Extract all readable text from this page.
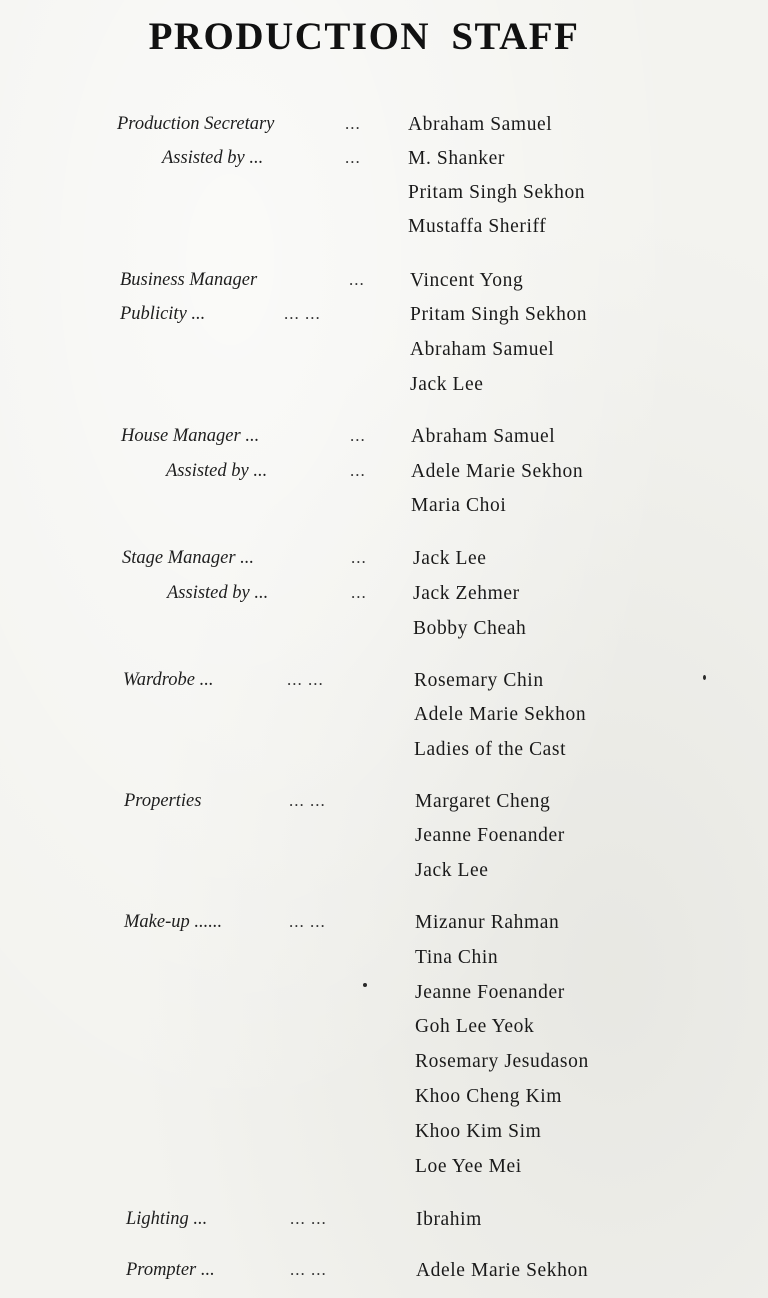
PRODUCTION STAFF
Production Secretary	... Abraham Samuel
Assisted by ...	... M. Shanker
Pritam Singh Sekhon
Mustaffa Sheriff
Business Manager	... Vincent Yong
Publicity ...	... ...	Pritam Singh Sekhon
Abraham Samuel
Jack Lee
House Manager ...	... Abraham Samuel
Assisted by ...	... Adele Marie Sekhon
Maria Choi
Stage Manager ...	... Jack Lee
Assisted by ...	... Jack Zehmer
Bobby Cheah
Wardrobe ...	... ...	Rosemary Chin
Adele Marie Sekhon
Ladies of the Cast
Properties	... ...	Margaret Cheng
Jeanne Foenander
Jack Lee
Make-up ......	... ...	Mizanur Rahman
Tina Chin
Jeanne Foenander
Goh Lee Yeok
Rosemary Jesudason
Khoo Cheng Kim
Khoo Kim Sim
Loe Yee Mei
Lighting ...	... ...	Ibrahim
Prompter ...	... ...	Adele Marie Sekhon
